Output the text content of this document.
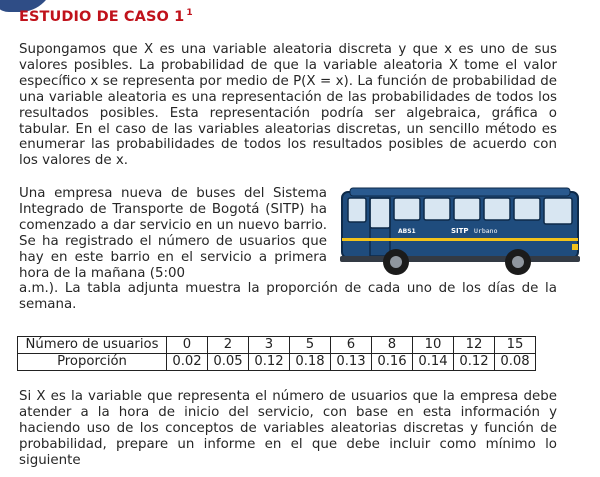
ESTUDIO DE CASO 1 $^1$

Supongamos que X es una variable aleatoria discreta y que x es uno de sus valores posibles. La probabilidad de que la variable aleatoria X tome el valor específico x se representa por medio de P(X = x). La función de probabilidad de una variable aleatoria es una representación de las probabilidades de todos los resultados posibles. Esta representación podría ser algebraica, gráfica o tabular. En el caso de las variables aleatorias discretas, un sencillo método es enumerar las probabilidades de todos los resultados posibles de acuerdo con los valores de x.

Una empresa nueva de buses del Sistema Integrado de Transporte de Bogotá (SITP) ha comenzado a dar servicio en un nuevo barrio. Se ha registrado el número de usuarios que hay en este barrio en el servicio a primera hora de la mañana (5:00

ABS1	SITP Urbano

a.m.). La tabla adjunta muestra la proporción de cada uno de los días de la semana.

Número de usuarios	0	2	3	5	6	8	10	12	15
Proporción	0.02	0.05	0.12	0.18	0.13	0.16	0.14	0.12	0.08

Si X es la variable que representa el número de usuarios que la empresa debe atender a la hora de inicio del servicio, con base en esta información y haciendo uso de los conceptos de variables aleatorias discretas y función de probabilidad, prepare un informe en el que debe incluir como mínimo lo siguiente
